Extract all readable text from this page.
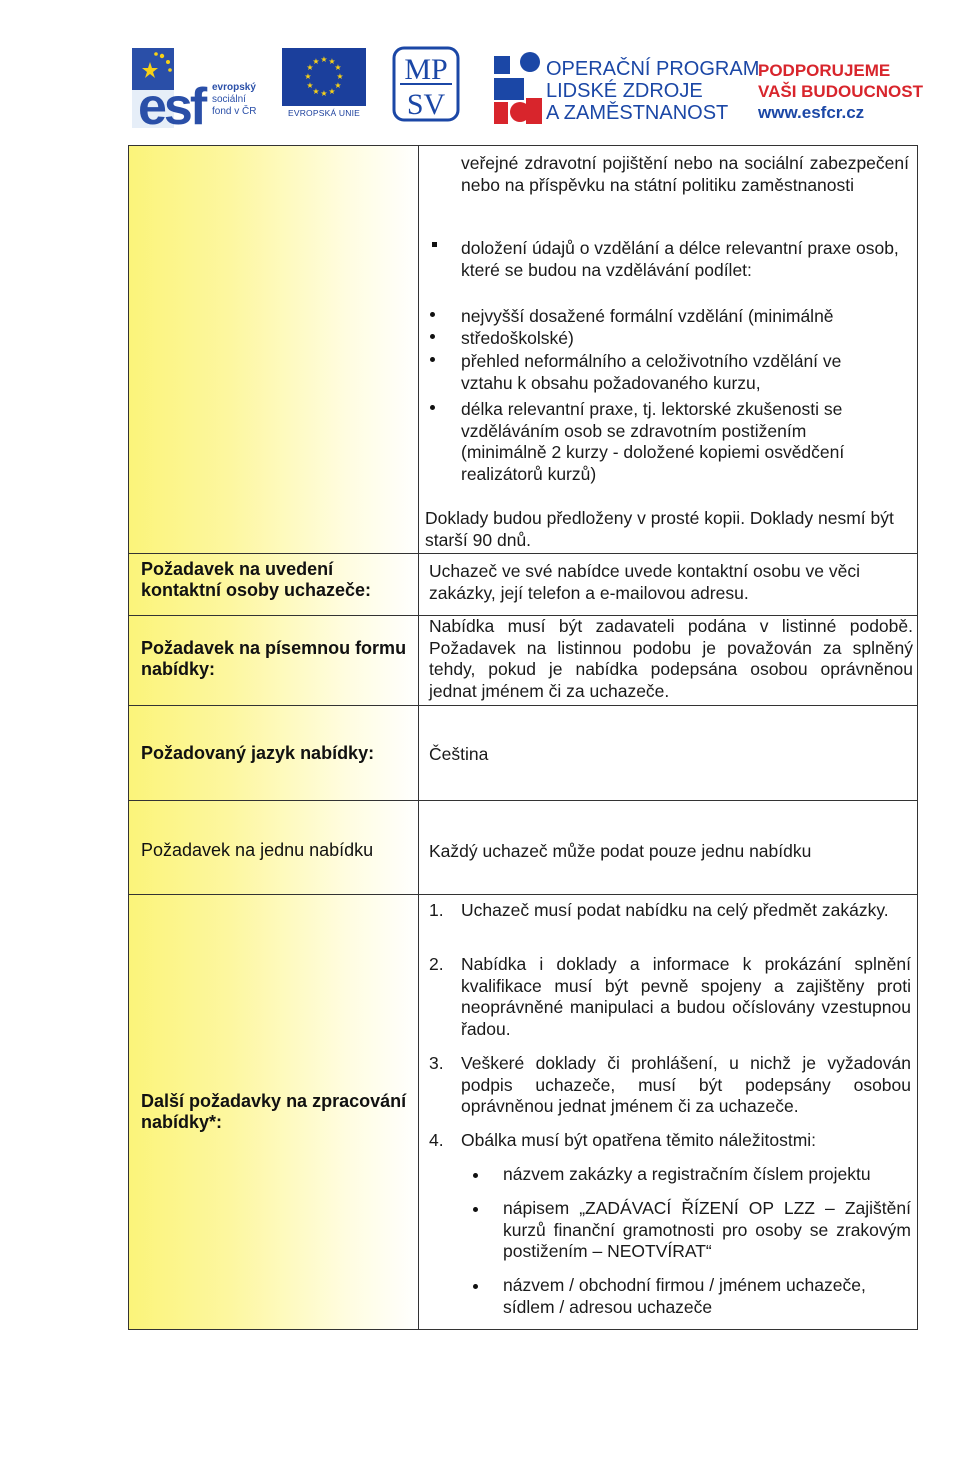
esf evropský
sociální
fond v ČR
★ ★
★
★
★
★
★
★
★
★
★
★
EVROPSKÁ UNIE
MP
SV
OPERAČNÍ PROGRAM
LIDSKÉ ZDROJE
A ZAMĚSTNANOST
PODPORUJEME
VAŠI BUDOUCNOST
www.esfcr.cz
veřejné zdravotní pojištění nebo na sociální zabezpečení nebo na příspěvku na státní politiku zaměstnanosti
doložení údajů o vzdělání a délce relevantní praxe osob, které se budou na vzdělávání podílet:
nejvyšší dosažené formální vzdělání (minimálně
středoškolské)
přehled neformálního a celoživotního vzdělání ve vztahu k obsahu požadovaného kurzu,
délka relevantní praxe, tj. lektorské zkušenosti se vzděláváním osob se zdravotním postižením (minimálně 2 kurzy - doložené kopiemi osvědčení realizátorů kurzů)
Doklady budou předloženy v prosté kopii. Doklady nesmí být starší 90 dnů.
Požadavek na uvedení kontaktní osoby uchazeče:
Uchazeč ve své nabídce uvede kontaktní osobu ve věci zakázky, její telefon a e-mailovou adresu.
Požadavek na písemnou formu nabídky:
Nabídka musí být zadavateli podána v listinné podobě. Požadavek na listinnou podobu je považován za splněný tehdy, pokud je nabídka podepsána osobou oprávněnou jednat jménem či za uchazeče.
Požadovaný jazyk nabídky:	Čeština
Požadavek na jednu nabídku	Každý uchazeč může podat pouze jednu nabídku
Další požadavky na zpracování nabídky*:
1. Uchazeč musí podat nabídku na celý předmět zakázky.
2. Nabídka i doklady a informace k prokázání splnění kvalifikace musí být pevně spojeny a zajištěny proti neoprávněné manipulaci a budou očíslovány vzestupnou řadou.
3. Veškeré doklady či prohlášení, u nichž je vyžadován podpis uchazeče, musí být podepsány osobou oprávněnou jednat jménem či za uchazeče.
4. Obálka musí být opatřena těmito náležitostmi:
názvem zakázky a registračním číslem projektu
nápisem „ZADÁVACÍ ŘÍZENÍ OP LZZ – Zajištění kurzů finanční gramotnosti pro osoby se zrakovým postižením – NEOTVÍRAT“
názvem / obchodní firmou / jménem uchazeče, sídlem / adresou uchazeče
